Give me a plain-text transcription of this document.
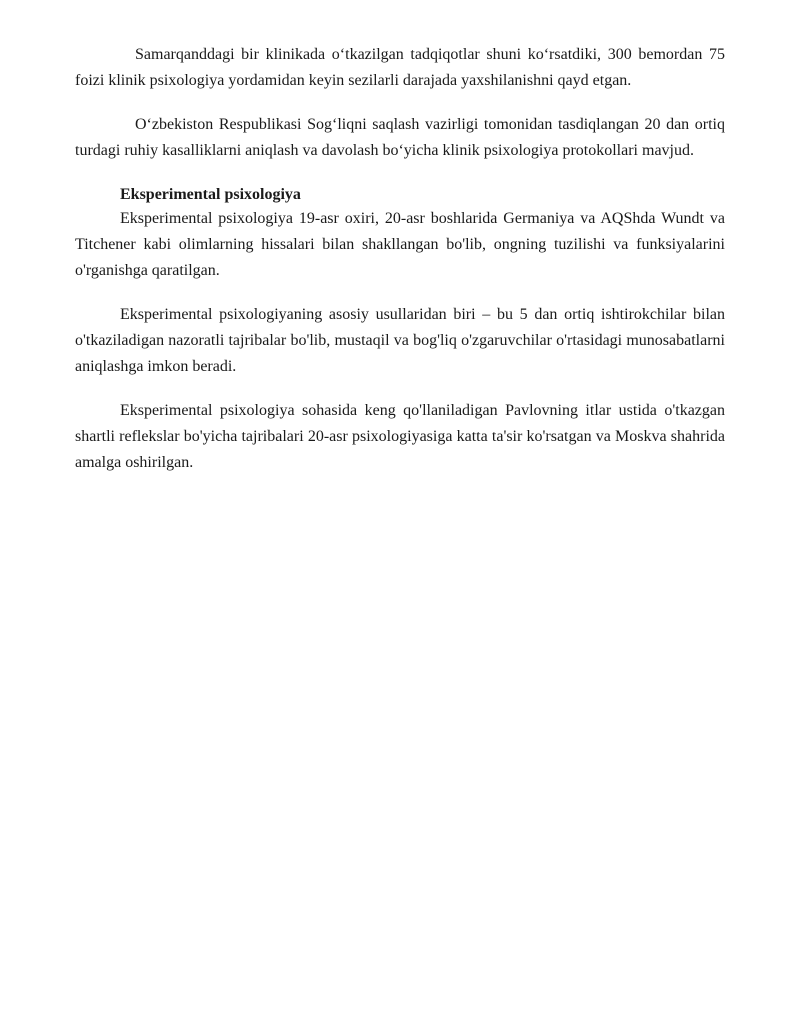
Samarqanddagi bir klinikada o‘tkazilgan tadqiqotlar shuni ko‘rsatdiki, 300 bemordan 75 foizi klinik psixologiya yordamidan keyin sezilarli darajada yaxshilanishni qayd etgan.

O‘zbekiston Respublikasi Sog‘liqni saqlash vazirligi tomonidan tasdiqlangan 20 dan ortiq turdagi ruhiy kasalliklarni aniqlash va davolash bo‘yicha klinik psixologiya protokollari mavjud.

Eksperimental psixologiya

Eksperimental psixologiya 19-asr oxiri, 20-asr boshlarida Germaniya va AQShda Wundt va Titchener kabi olimlarning hissalari bilan shakllangan bo'lib, ongning tuzilishi va funksiyalarini o'rganishga qaratilgan.

Eksperimental psixologiyaning asosiy usullaridan biri – bu 5 dan ortiq ishtirokchilar bilan o'tkaziladigan nazoratli tajribalar bo'lib, mustaqil va bog'liq o'zgaruvchilar o'rtasidagi munosabatlarni aniqlashga imkon beradi.

Eksperimental psixologiya sohasida keng qo'llaniladigan Pavlovning itlar ustida o'tkazgan shartli reflekslar bo'yicha tajribalari 20-asr psixologiyasiga katta ta'sir ko'rsatgan va Moskva shahrida amalga oshirilgan.
